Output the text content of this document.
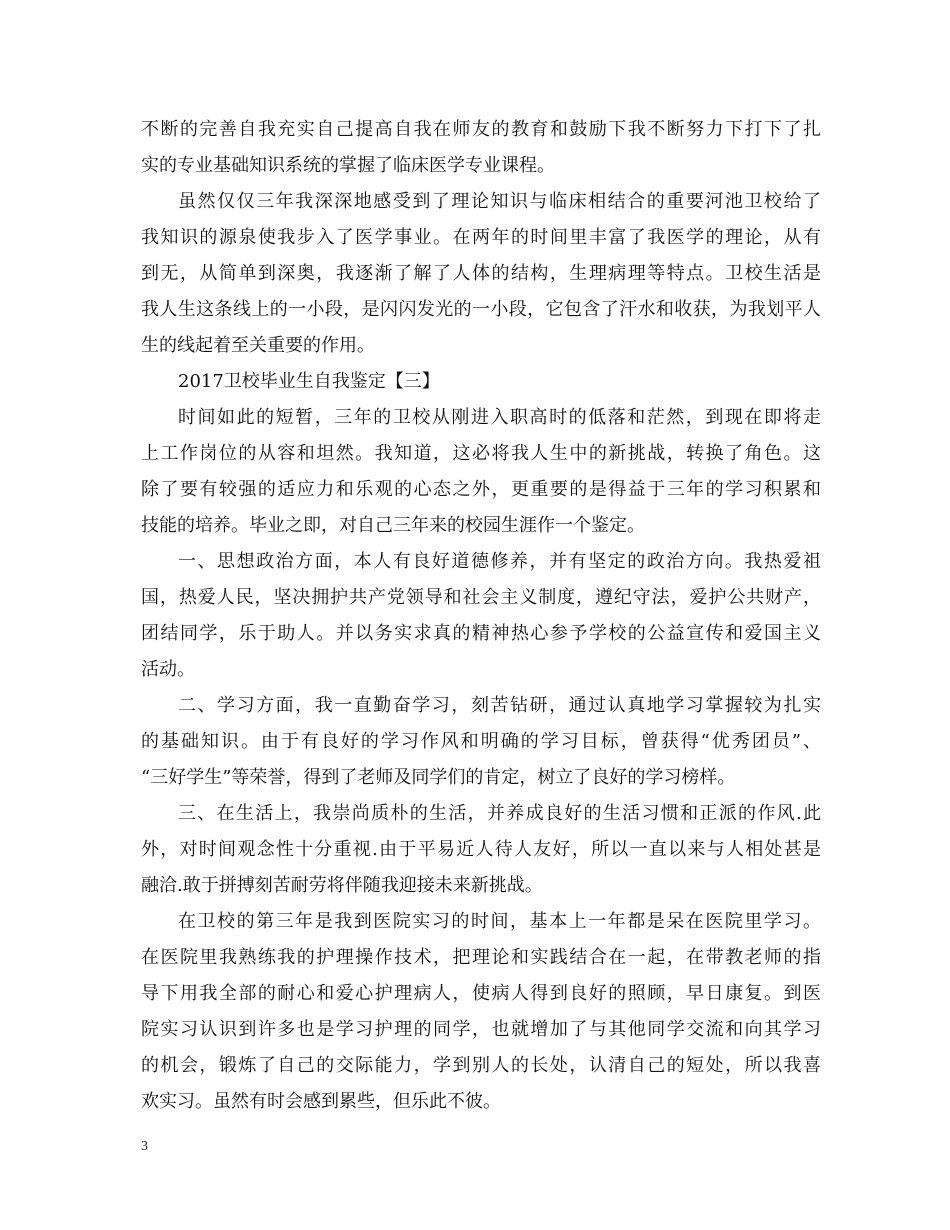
不断的完善自我充实自己提高自我在师友的教育和鼓励下我不断努力下打下了扎
实的专业基础知识系统的掌握了临床医学专业课程。
虽然仅仅三年我深深地感受到了理论知识与临床相结合的重要河池卫校给了
我知识的源泉使我步入了医学事业。在两年的时间里丰富了我医学的理论，从有
到无，从简单到深奥，我逐渐了解了人体的结构，生理病理等特点。卫校生活是
我人生这条线上的一小段，是闪闪发光的一小段，它包含了汗水和收获，为我划平人
生的线起着至关重要的作用。
2017卫校毕业生自我鉴定【三】
时间如此的短暂，三年的卫校从刚进入职高时的低落和茫然，到现在即将走
上工作岗位的从容和坦然。我知道，这必将我人生中的新挑战，转换了角色。这
除了要有较强的适应力和乐观的心态之外，更重要的是得益于三年的学习积累和
技能的培养。毕业之即，对自己三年来的校园生涯作一个鉴定。
一、思想政治方面，本人有良好道德修养，并有坚定的政治方向。我热爱祖
国，热爱人民，坚决拥护共产党领导和社会主义制度，遵纪守法，爱护公共财产，
团结同学，乐于助人。并以务实求真的精神热心参予学校的公益宣传和爱国主义
活动。
二、学习方面，我一直勤奋学习，刻苦钻研，通过认真地学习掌握较为扎实
的基础知识。由于有良好的学习作风和明确的学习目标，曾获得“优秀团员”、
“三好学生”等荣誉，得到了老师及同学们的肯定，树立了良好的学习榜样。
三、在生活上，我崇尚质朴的生活，并养成良好的生活习惯和正派的作风.此
外，对时间观念性十分重视.由于平易近人待人友好，所以一直以来与人相处甚是
融洽.敢于拼搏刻苦耐劳将伴随我迎接未来新挑战。
在卫校的第三年是我到医院实习的时间，基本上一年都是呆在医院里学习。
在医院里我熟练我的护理操作技术，把理论和实践结合在一起，在带教老师的指
导下用我全部的耐心和爱心护理病人，使病人得到良好的照顾，早日康复。到医
院实习认识到许多也是学习护理的同学，也就增加了与其他同学交流和向其学习
的机会，锻炼了自己的交际能力，学到别人的长处，认清自己的短处，所以我喜
欢实习。虽然有时会感到累些，但乐此不彼。
3
